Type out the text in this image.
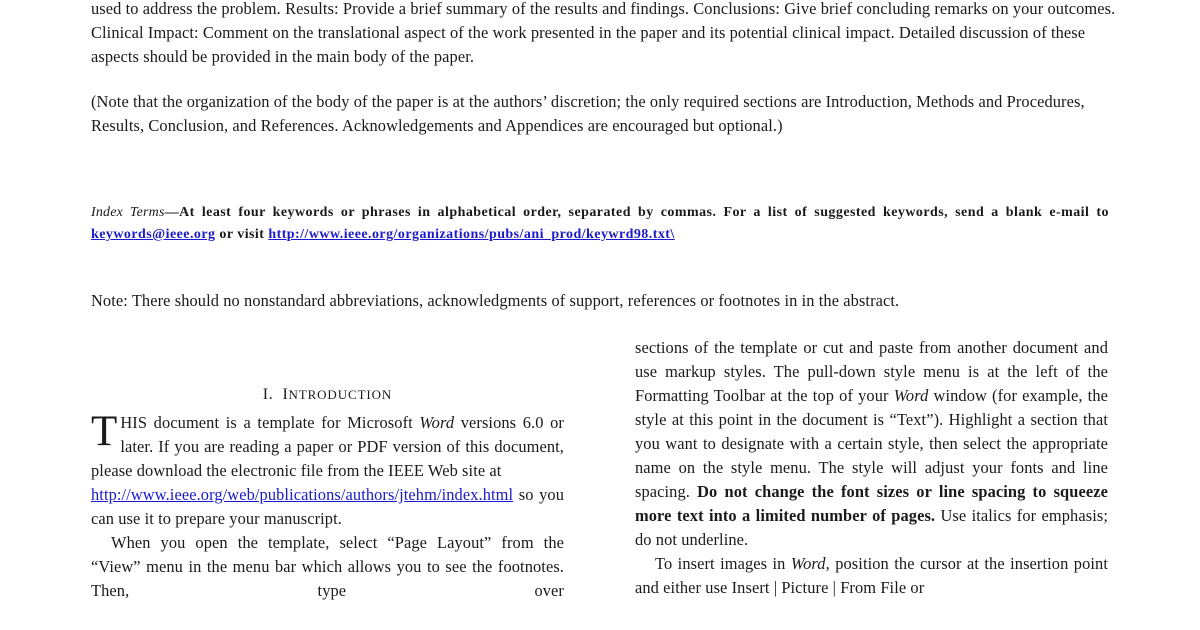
used to address the problem. Results: Provide a brief summary of the results and findings. Conclusions: Give brief concluding remarks on your outcomes. Clinical Impact: Comment on the translational aspect of the work presented in the paper and its potential clinical impact. Detailed discussion of these aspects should be provided in the main body of the paper.

(Note that the organization of the body of the paper is at the authors’ discretion; the only required sections are Introduction, Methods and Procedures, Results, Conclusion, and References. Acknowledgements and Appendices are encouraged but optional.)

Index Terms—At least four keywords or phrases in alphabetical order, separated by commas. For a list of suggested keywords, send a blank e-mail to keywords@ieee.org or visit http://www.ieee.org/organizations/pubs/ani_prod/keywrd98.txt\

Note: There should no nonstandard abbreviations, acknowledgments of support, references or footnotes in in the abstract.

I. INTRODUCTION

THIS document is a template for Microsoft Word versions 6.0 or later. If you are reading a paper or PDF version of this document, please download the electronic file from the IEEE Web site at
http://www.ieee.org/web/publications/authors/jtehm/index.html so you can use it to prepare your manuscript.

When you open the template, select “Page Layout” from the “View” menu in the menu bar which allows you to see the footnotes. Then, type over

sections of the template or cut and paste from another document and use markup styles. The pull-down style menu is at the left of the Formatting Toolbar at the top of your Word window (for example, the style at this point in the document is “Text”). Highlight a section that you want to designate with a certain style, then select the appropriate name on the style menu. The style will adjust your fonts and line spacing. Do not change the font sizes or line spacing to squeeze more text into a limited number of pages. Use italics for emphasis; do not underline.

To insert images in Word, position the cursor at the insertion point and either use Insert | Picture | From File or
